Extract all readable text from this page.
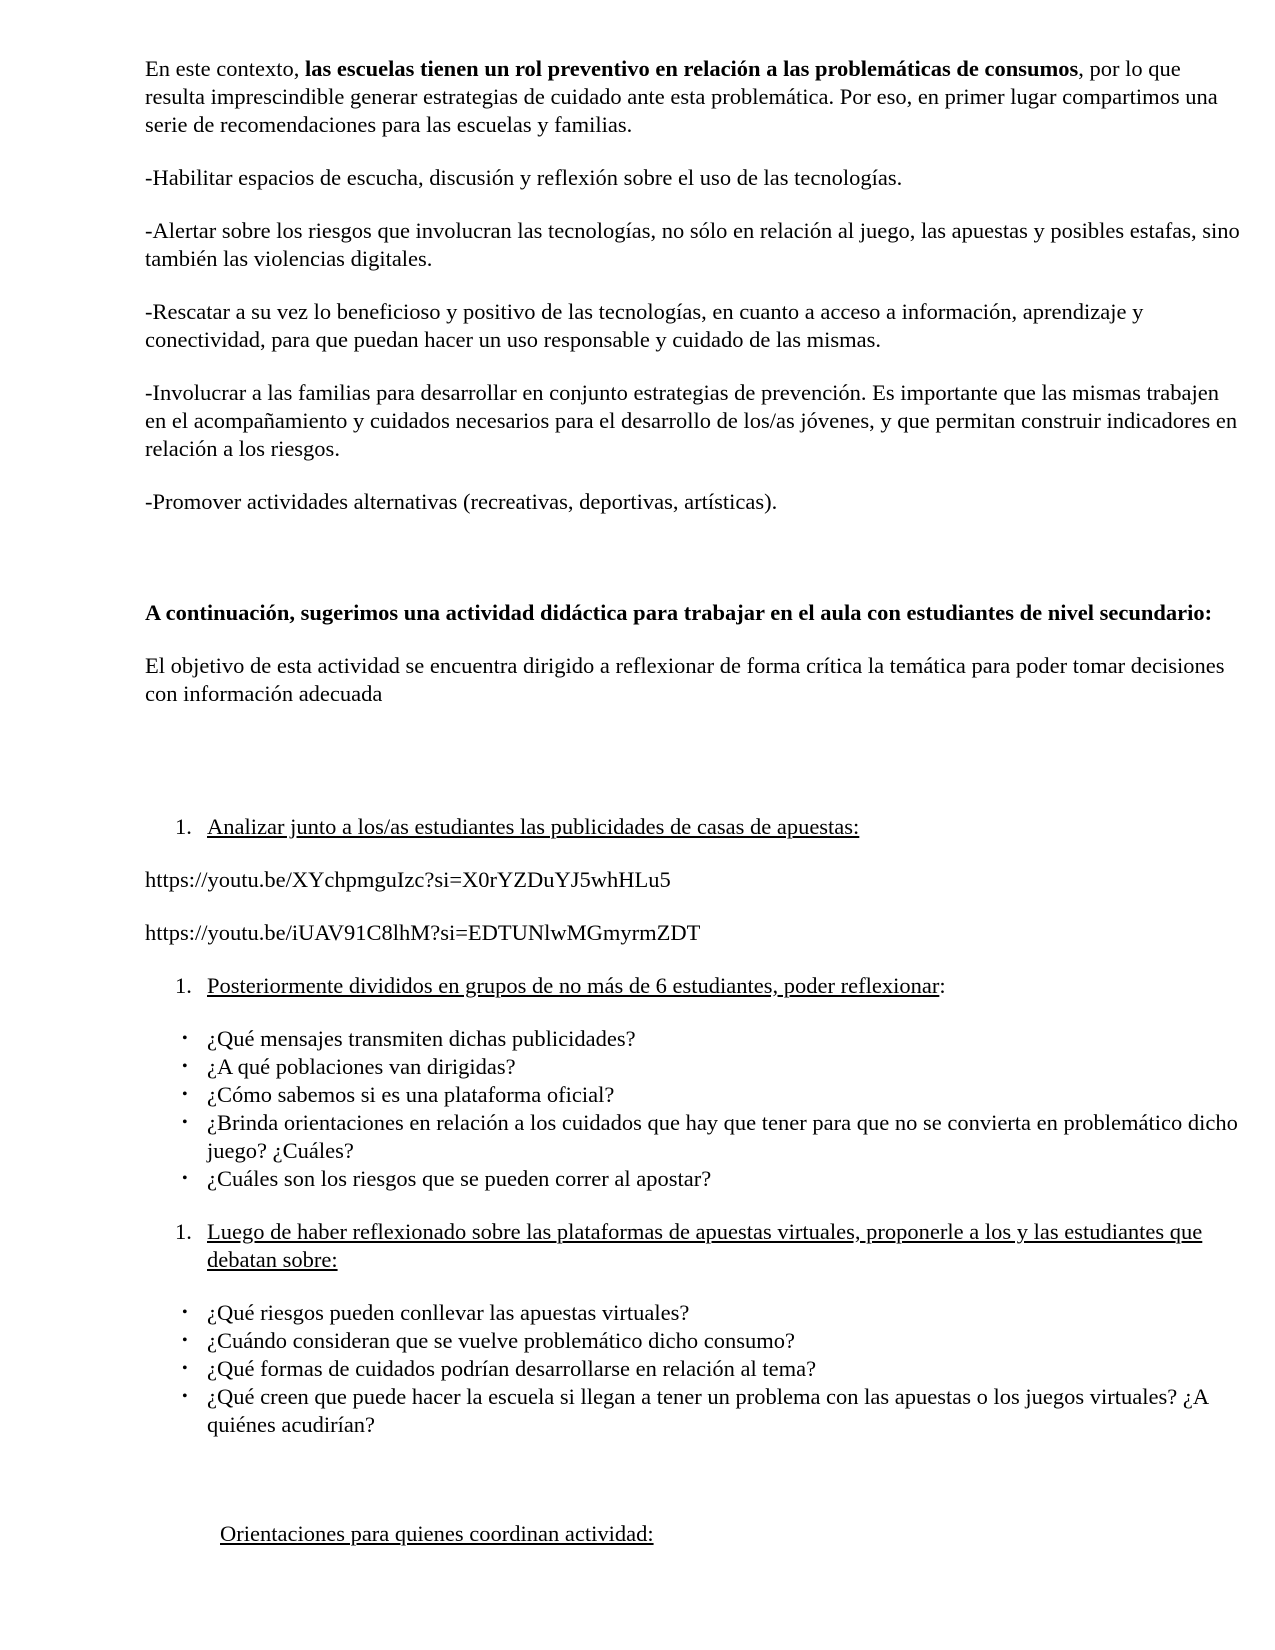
En este contexto, las escuelas tienen un rol preventivo en relación a las problemáticas de consumos, por lo que resulta imprescindible generar estrategias de cuidado ante esta problemática. Por eso, en primer lugar compartimos una serie de recomendaciones para las escuelas y familias.

-Habilitar espacios de escucha, discusión y reflexión sobre el uso de las tecnologías.

-Alertar sobre los riesgos que involucran las tecnologías, no sólo en relación al juego, las apuestas y posibles estafas, sino también las violencias digitales.

-Rescatar a su vez lo beneficioso y positivo de las tecnologías, en cuanto a acceso a información, aprendizaje y conectividad, para que puedan hacer un uso responsable y cuidado de las mismas.

-Involucrar a las familias para desarrollar en conjunto estrategias de prevención. Es importante que las mismas trabajen en el acompañamiento y cuidados necesarios para el desarrollo de los/as jóvenes, y que permitan construir indicadores en relación a los riesgos.

-Promover actividades alternativas (recreativas, deportivas, artísticas).

A continuación, sugerimos una actividad didáctica para trabajar en el aula con estudiantes de nivel secundario:

El objetivo de esta actividad se encuentra dirigido a reflexionar de forma crítica la temática para poder tomar decisiones con información adecuada

1. Analizar junto a los/as estudiantes las publicidades de casas de apuestas:

https://youtu.be/XYchpmguIzc?si=X0rYZDuYJ5whHLu5

https://youtu.be/iUAV91C8lhM?si=EDTUNlwMGmyrmZDT

1. Posteriormente divididos en grupos de no más de 6 estudiantes, poder reflexionar:
• ¿Qué mensajes transmiten dichas publicidades?
• ¿A qué poblaciones van dirigidas?
• ¿Cómo sabemos si es una plataforma oficial?
• ¿Brinda orientaciones en relación a los cuidados que hay que tener para que no se convierta en problemático dicho juego? ¿Cuáles?
• ¿Cuáles son los riesgos que se pueden correr al apostar?
1. Luego de haber reflexionado sobre las plataformas de apuestas virtuales, proponerle a los y las estudiantes que debatan sobre:
• ¿Qué riesgos pueden conllevar las apuestas virtuales?
• ¿Cuándo consideran que se vuelve problemático dicho consumo?
• ¿Qué formas de cuidados podrían desarrollarse en relación al tema?
• ¿Qué creen que puede hacer la escuela si llegan a tener un problema con las apuestas o los juegos virtuales? ¿A quiénes acudirían?

Orientaciones para quienes coordinan actividad:
